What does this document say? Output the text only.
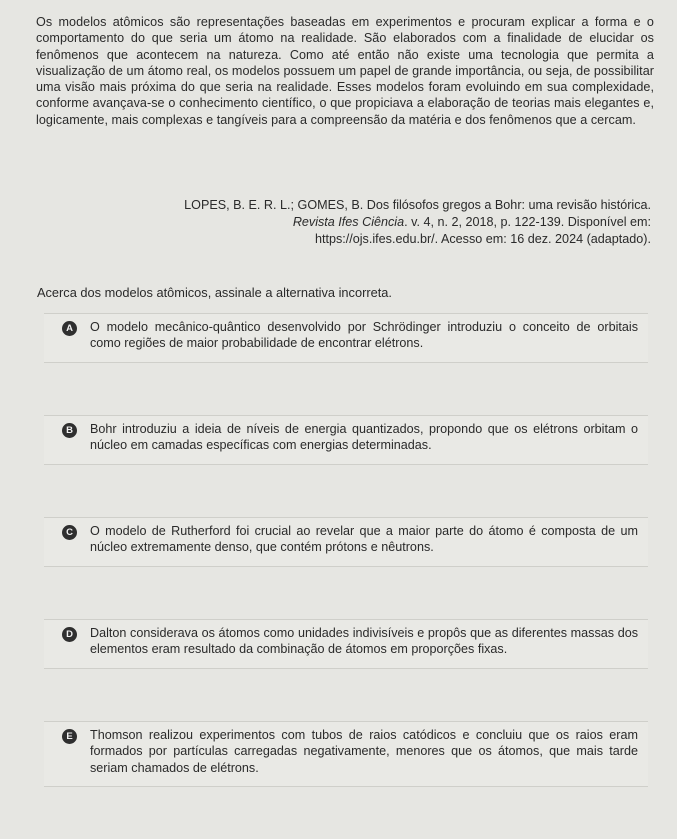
Os modelos atômicos são representações baseadas em experimentos e procuram explicar a forma e o comportamento do que seria um átomo na realidade. São elaborados com a finalidade de elucidar os fenômenos que acontecem na natureza. Como até então não existe uma tecnologia que permita a visualização de um átomo real, os modelos possuem um papel de grande importância, ou seja, de possibilitar uma visão mais próxima do que seria na realidade. Esses modelos foram evoluindo em sua complexidade, conforme avançava-se o conhecimento científico, o que propiciava a elaboração de teorias mais elegantes e, logicamente, mais complexas e tangíveis para a compreensão da matéria e dos fenômenos que a cercam.
LOPES, B. E. R. L.; GOMES, B. Dos filósofos gregos a Bohr: uma revisão histórica.
Revista Ifes Ciência. v. 4, n. 2, 2018, p. 122-139. Disponível em:
https://ojs.ifes.edu.br/. Acesso em: 16 dez. 2024 (adaptado).
Acerca dos modelos atômicos, assinale a alternativa incorreta.
A	O modelo mecânico-quântico desenvolvido por Schrödinger introduziu o conceito de orbitais como regiões de maior probabilidade de encontrar elétrons.
B	Bohr introduziu a ideia de níveis de energia quantizados, propondo que os elétrons orbitam o núcleo em camadas específicas com energias determinadas.
C	O modelo de Rutherford foi crucial ao revelar que a maior parte do átomo é composta de um núcleo extremamente denso, que contém prótons e nêutrons.
D	Dalton considerava os átomos como unidades indivisíveis e propôs que as diferentes massas dos elementos eram resultado da combinação de átomos em proporções fixas.
E	Thomson realizou experimentos com tubos de raios catódicos e concluiu que os raios eram formados por partículas carregadas negativamente, menores que os átomos, que mais tarde seriam chamados de elétrons.
